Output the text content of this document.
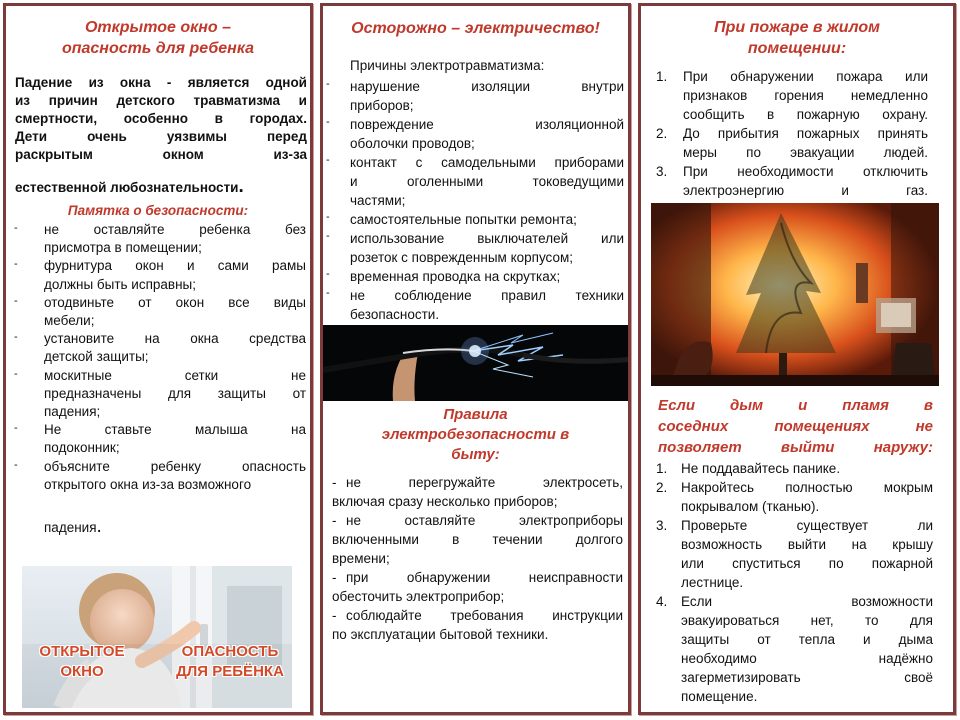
Открытое окно –
опасность для ребенка
Падение из окна - является одной
из причин детского травматизма и
смертности, особенно в городах.
Дети очень уязвимы перед
раскрытым окном из-за
естественной любознательности.
Памятка о безопасности:
- не оставляйте ребенка без
присмотра в помещении;
- фурнитура окон и сами рамы
должны быть исправны;
- отодвиньте от окон все виды
мебели;
- установите на окна средства
детской защиты;
- москитные сетки не
предназначены для защиты от
падения;
- Не ставьте малыша на
подоконник;
- объясните ребенку опасность
открытого окна из-за возможного
падения.
ОТКРЫТОЕ
ОКНО
ОПАСНОСТЬ
ДЛЯ РЕБЁНКА
Осторожно – электричество!
Причины электротравматизма:
- нарушение изоляции внутри
приборов;
- повреждение изоляционной
оболочки проводов;
- контакт с самодельными приборами
и оголенными токоведущими
частями;
- самостоятельные попытки ремонта;
- использование выключателей или
розеток с поврежденным корпусом;
- временная проводка на скрутках;
- не соблюдение правил техники
безопасности.
Правила
электробезопасности в
быту:
- не перегружайте электросеть,
включая сразу несколько приборов;
- не оставляйте электроприборы
включенными в течении долгого
времени;
- при обнаружении неисправности
обесточить электроприбор;
- соблюдайте требования инструкции
по эксплуатации бытовой техники.
При пожаре в жилом
помещении:
1. При обнаружении пожара или
признаков горения немедленно
сообщить в пожарную охрану.
2. До прибытия пожарных принять
меры по эвакуации людей.
3. При необходимости отключить
электроэнергию и газ.
Если дым и пламя в
соседних помещениях не
позволяет выйти наружу:
1. Не поддавайтесь панике.
2. Накройтесь полностью мокрым
покрывалом (тканью).
3. Проверьте существует ли
возможность выйти на крышу
или спуститься по пожарной
лестнице.
4. Если возможности
эвакуироваться нет, то для
защиты от тепла и дыма
необходимо надёжно
загерметизировать своё
помещение.
